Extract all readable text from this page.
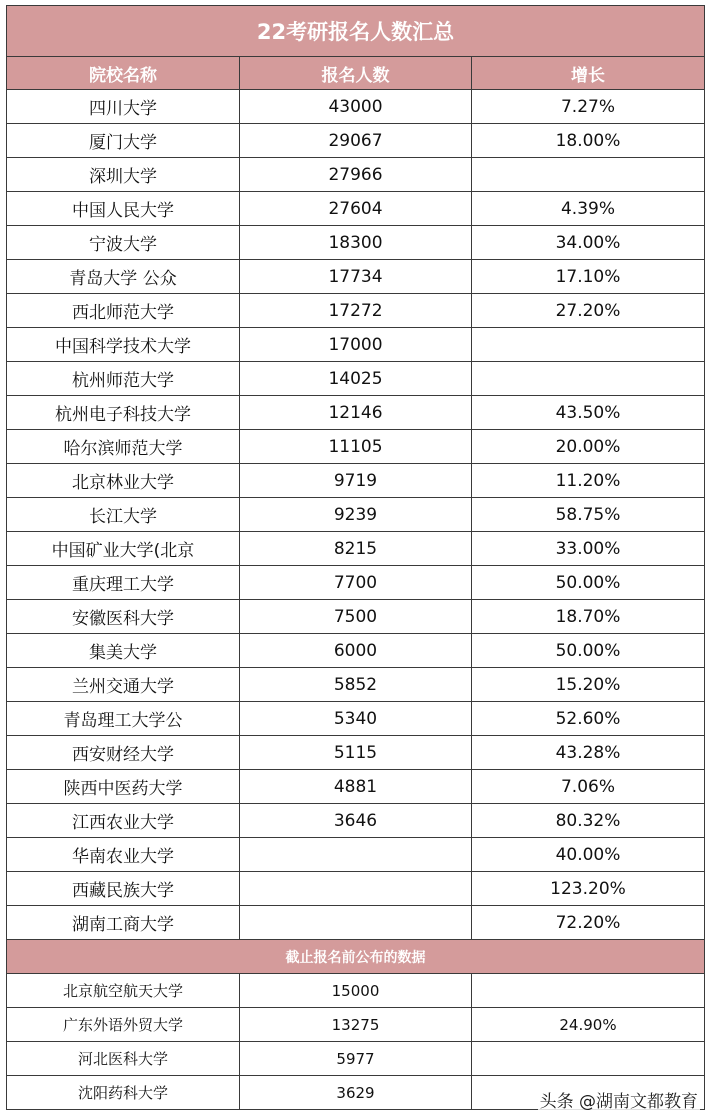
22考研报名人数汇总		
院校名称	报名人数	增长
四川大学	43000	7.27%
厦门大学	29067	18.00%
深圳大学	27966	
中国人民大学	27604	4.39%
宁波大学	18300	34.00%
青岛大学 公众	17734	17.10%
西北师范大学	17272	27.20%
中国科学技术大学	17000	
杭州师范大学	14025	
杭州电子科技大学	12146	43.50%
哈尔滨师范大学	11105	20.00%
北京林业大学	9719	11.20%
长江大学	9239	58.75%
中国矿业大学(北京	8215	33.00%
重庆理工大学	7700	50.00%
安徽医科大学	7500	18.70%
集美大学	6000	50.00%
兰州交通大学	5852	15.20%
青岛理工大学公	5340	52.60%
西安财经大学	5115	43.28%
陕西中医药大学	4881	7.06%
江西农业大学	3646	80.32%
华南农业大学		40.00%
西藏民族大学		123.20%
湖南工商大学		72.20%
截止报名前公布的数据		
北京航空航天大学	15000	
广东外语外贸大学	13275	24.90%
河北医科大学	5977	
沈阳药科大学	3629		头条 @湖南文都教育
